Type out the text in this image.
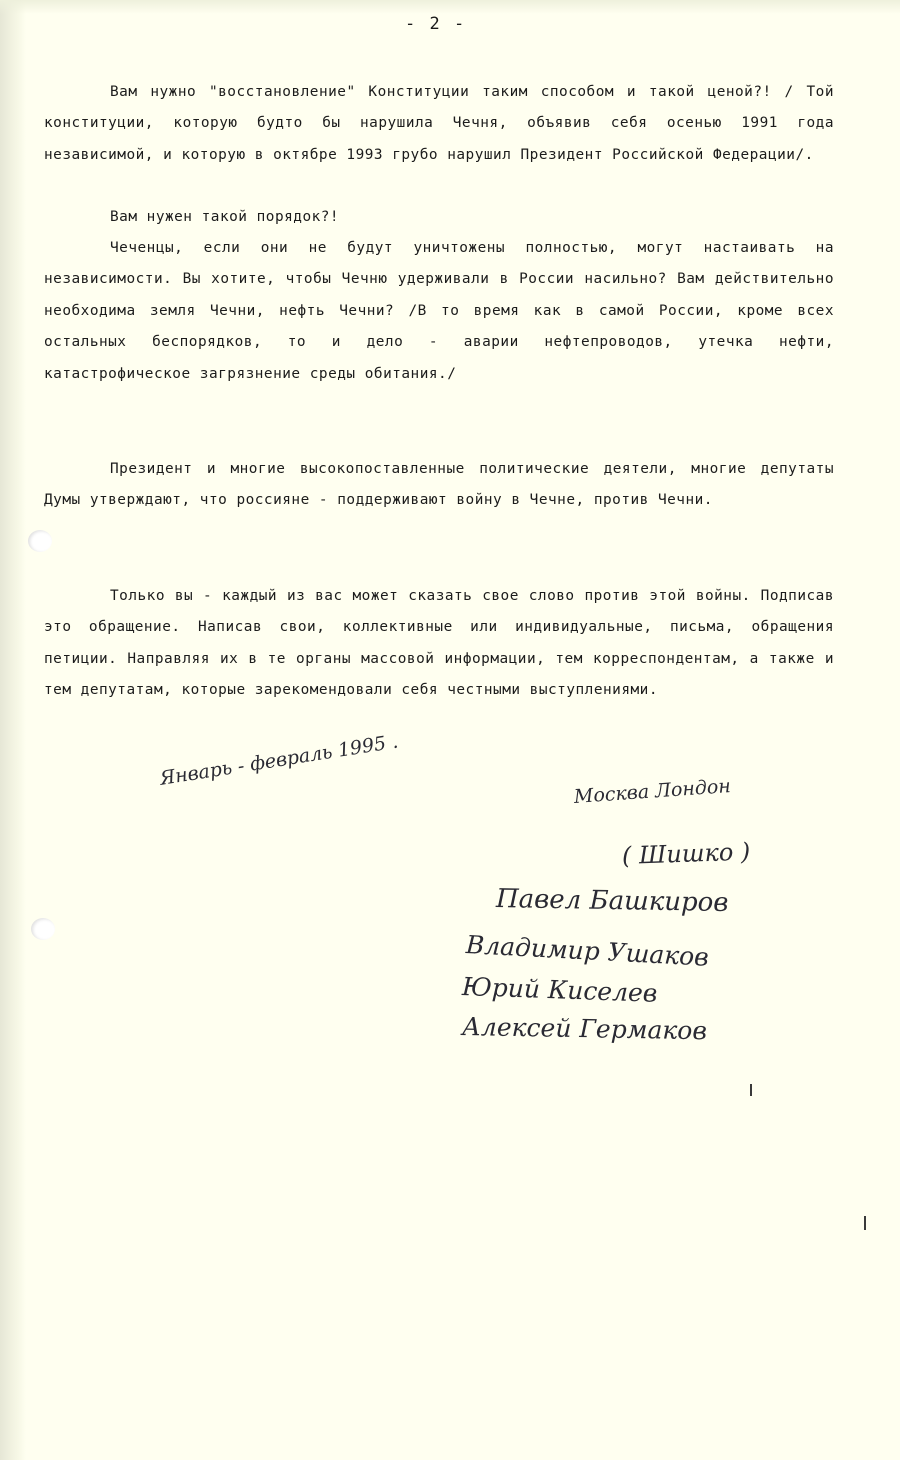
- 2 -

Вам нужно "восстановление" Конституции таким способом и такой ценой?! / Той конституции, которую будто бы нарушила Чечня, объявив себя осенью 1991 года независимой, и которую в октябре 1993 грубо нарушил Президент Российской Федерации/.

Вам нужен такой порядок?!

Чеченцы, если они не будут уничтожены полностью, могут настаивать на независимости. Вы хотите, чтобы Чечню удерживали в России насильно? Вам действительно необходима земля Чечни, нефть Чечни? /В то время как в самой России, кроме всех остальных беспорядков, то и дело - аварии нефтепроводов, утечка нефти, катастрофическое загрязнение среды обитания./

Президент и многие высокопоставленные политические деятели, многие депутаты Думы утверждают, что россияне - поддерживают войну в Чечне, против Чечни.

Только вы - каждый из вас может сказать свое слово против этой войны. Подписав это обращение. Написав свои, коллективные или индивидуальные, письма, обращения петиции. Направляя их в те органы массовой информации, тем корреспондентам, а также и тем депутатам, которые зарекомендовали себя честными выступлениями.

Январь - февраль 1995 .
Москва Лондон
( Шишко )
Павел Башкиров
Владимир Ушаков
Юрий Киселев
Алексей Гермаков
